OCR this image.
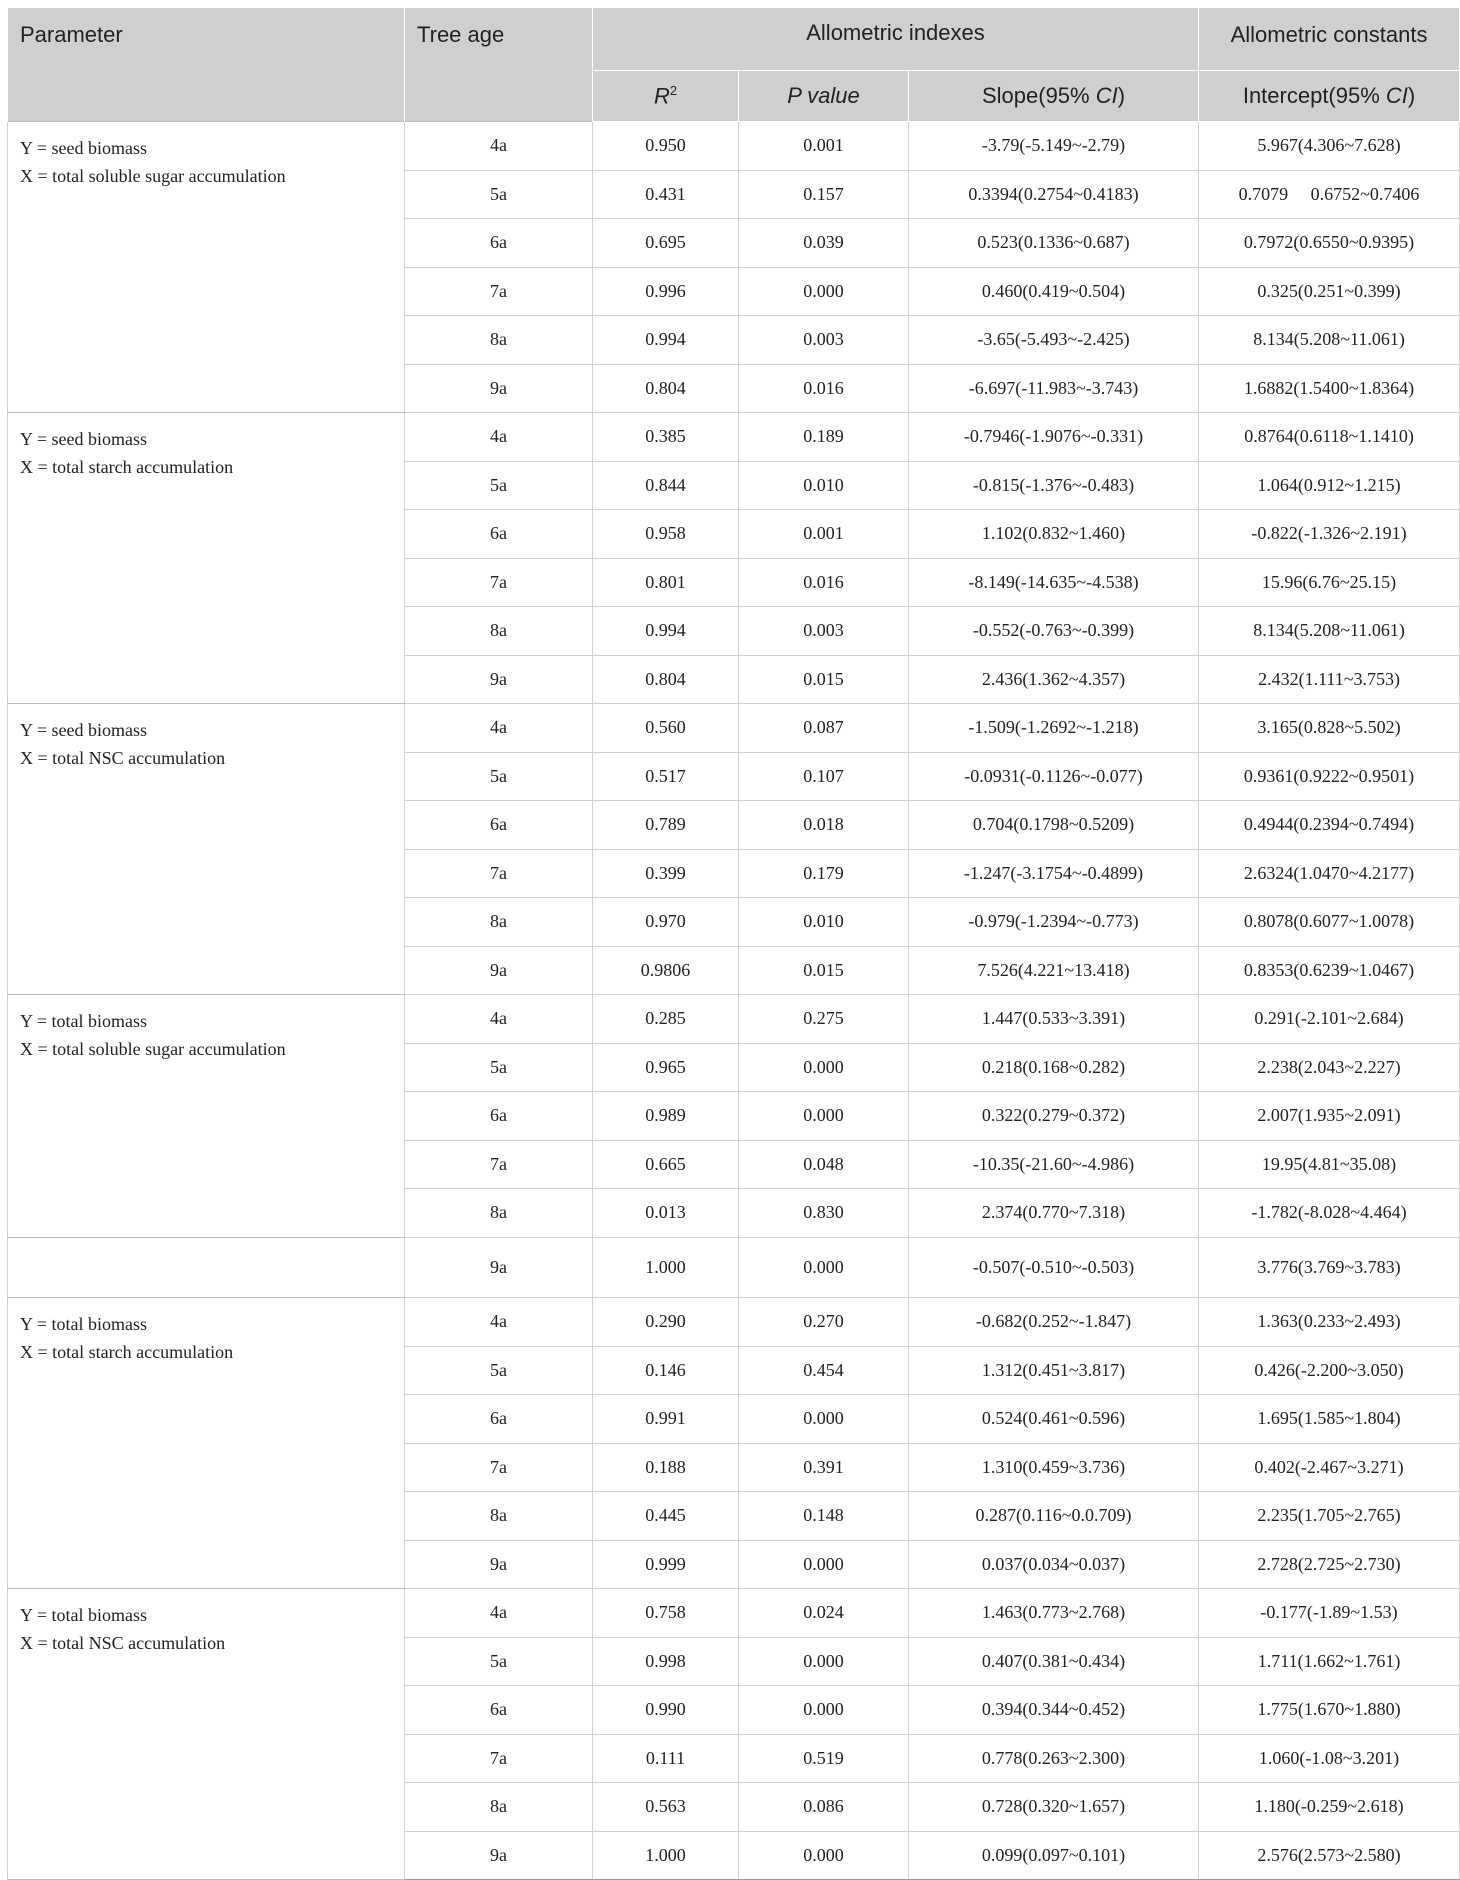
Parameter	Tree age	Allometric indexes			Allometric constants
		$R^2$	P value	Slope(95% CI)	Intercept(95% CI)

Y = seed biomass
X = total soluble sugar accumulation	4a	0.950	0.001	-3.79(-5.149~-2.79)	5.967(4.306~7.628)
	5a	0.431	0.157	0.3394(0.2754~0.4183)	0.7079     0.6752~0.7406
	6a	0.695	0.039	0.523(0.1336~0.687)	0.7972(0.6550~0.9395)
	7a	0.996	0.000	0.460(0.419~0.504)	0.325(0.251~0.399)
	8a	0.994	0.003	-3.65(-5.493~-2.425)	8.134(5.208~11.061)
	9a	0.804	0.016	-6.697(-11.983~-3.743)	1.6882(1.5400~1.8364)

Y = seed biomass
X = total starch accumulation	4a	0.385	0.189	-0.7946(-1.9076~-0.331)	0.8764(0.6118~1.1410)
	5a	0.844	0.010	-0.815(-1.376~-0.483)	1.064(0.912~1.215)
	6a	0.958	0.001	1.102(0.832~1.460)	-0.822(-1.326~2.191)
	7a	0.801	0.016	-8.149(-14.635~-4.538)	15.96(6.76~25.15)
	8a	0.994	0.003	-0.552(-0.763~-0.399)	8.134(5.208~11.061)
	9a	0.804	0.015	2.436(1.362~4.357)	2.432(1.111~3.753)

Y = seed biomass
X = total NSC accumulation	4a	0.560	0.087	-1.509(-1.2692~-1.218)	3.165(0.828~5.502)
	5a	0.517	0.107	-0.0931(-0.1126~-0.077)	0.9361(0.9222~0.9501)
	6a	0.789	0.018	0.704(0.1798~0.5209)	0.4944(0.2394~0.7494)
	7a	0.399	0.179	-1.247(-3.1754~-0.4899)	2.6324(1.0470~4.2177)
	8a	0.970	0.010	-0.979(-1.2394~-0.773)	0.8078(0.6077~1.0078)
	9a	0.9806	0.015	7.526(4.221~13.418)	0.8353(0.6239~1.0467)

Y = total biomass
X = total soluble sugar accumulation	4a	0.285	0.275	1.447(0.533~3.391)	0.291(-2.101~2.684)
	5a	0.965	0.000	0.218(0.168~0.282)	2.238(2.043~2.227)
	6a	0.989	0.000	0.322(0.279~0.372)	2.007(1.935~2.091)
	7a	0.665	0.048	-10.35(-21.60~-4.986)	19.95(4.81~35.08)
	8a	0.013	0.830	2.374(0.770~7.318)	-1.782(-8.028~4.464)

	9a	1.000	0.000	-0.507(-0.510~-0.503)	3.776(3.769~3.783)

Y = total biomass
X = total starch accumulation	4a	0.290	0.270	-0.682(0.252~-1.847)	1.363(0.233~2.493)
	5a	0.146	0.454	1.312(0.451~3.817)	0.426(-2.200~3.050)
	6a	0.991	0.000	0.524(0.461~0.596)	1.695(1.585~1.804)
	7a	0.188	0.391	1.310(0.459~3.736)	0.402(-2.467~3.271)
	8a	0.445	0.148	0.287(0.116~0.0.709)	2.235(1.705~2.765)
	9a	0.999	0.000	0.037(0.034~0.037)	2.728(2.725~2.730)

Y = total biomass
X = total NSC accumulation	4a	0.758	0.024	1.463(0.773~2.768)	-0.177(-1.89~1.53)
	5a	0.998	0.000	0.407(0.381~0.434)	1.711(1.662~1.761)
	6a	0.990	0.000	0.394(0.344~0.452)	1.775(1.670~1.880)
	7a	0.111	0.519	0.778(0.263~2.300)	1.060(-1.08~3.201)
	8a	0.563	0.086	0.728(0.320~1.657)	1.180(-0.259~2.618)
	9a	1.000	0.000	0.099(0.097~0.101)	2.576(2.573~2.580)
